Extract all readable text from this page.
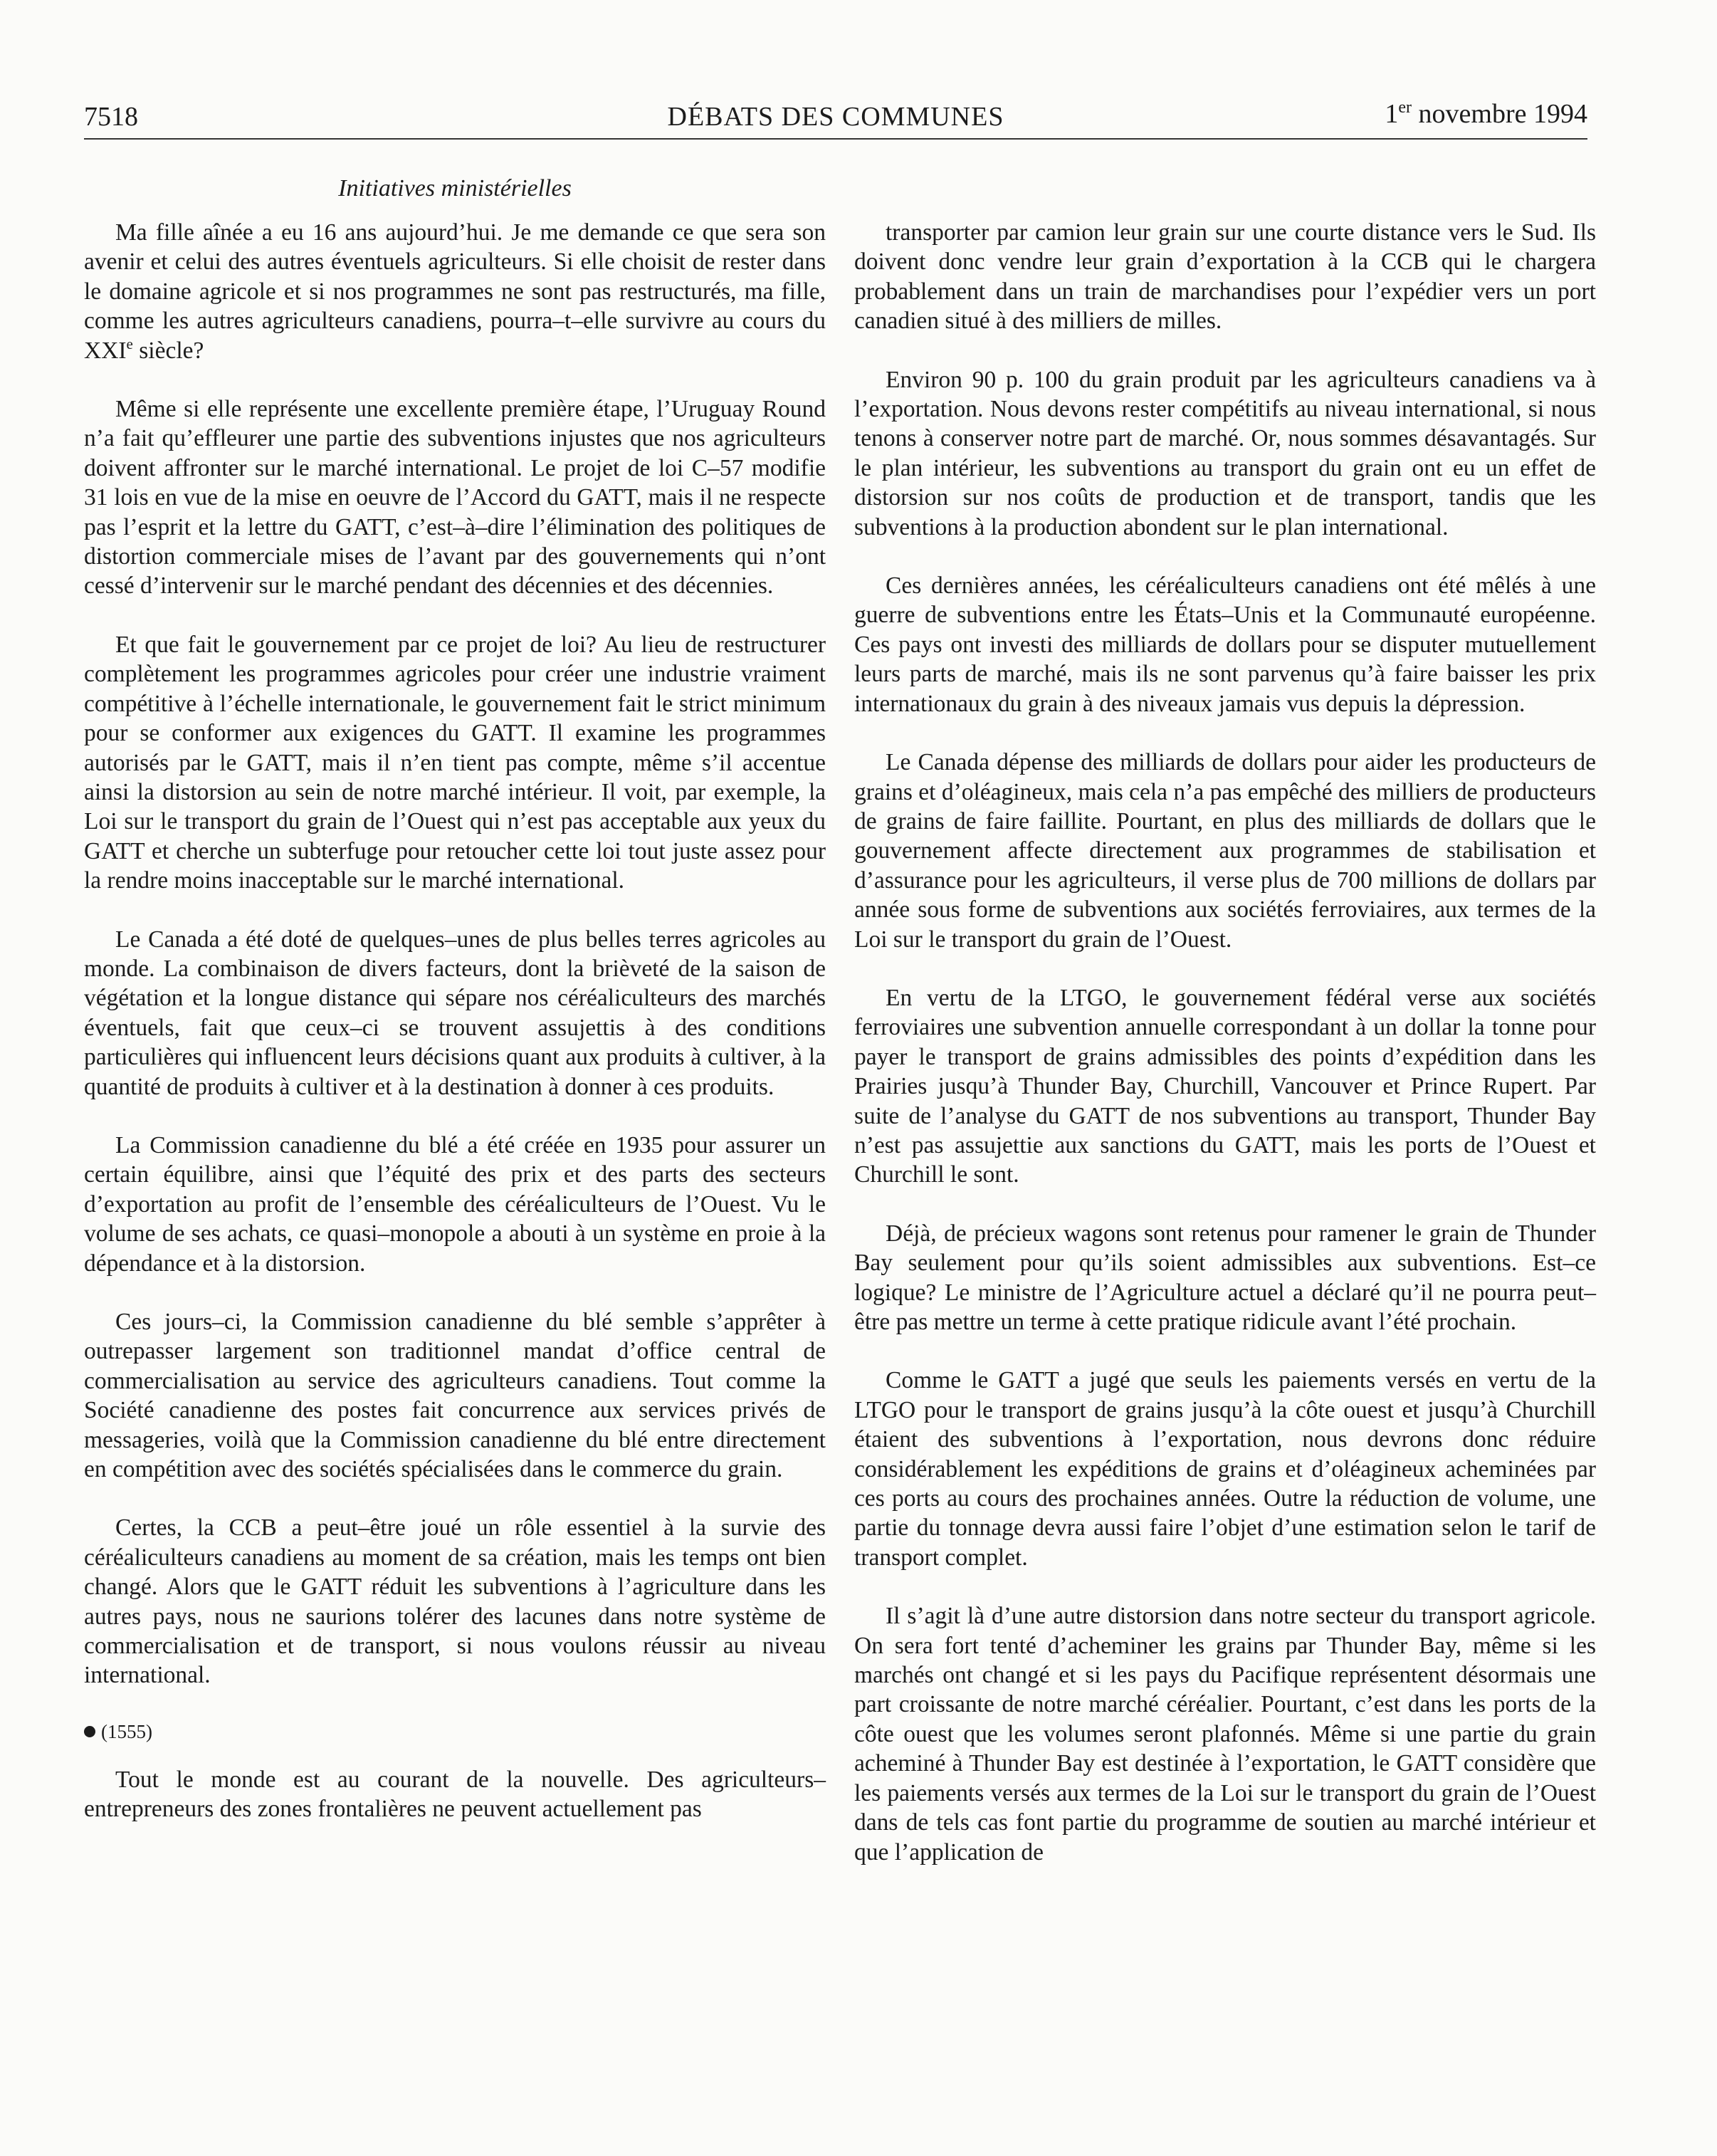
7518	DÉBATS DES COMMUNES	1er novembre 1994
Initiatives ministérielles

Ma fille aînée a eu 16 ans aujourd’hui. Je me demande ce que sera son avenir et celui des autres éventuels agriculteurs. Si elle choisit de rester dans le domaine agricole et si nos programmes ne sont pas restructurés, ma fille, comme les autres agriculteurs canadiens, pourra–t–elle survivre au cours du XXIe siècle?

Même si elle représente une excellente première étape, l’Uruguay Round n’a fait qu’effleurer une partie des subventions injustes que nos agriculteurs doivent affronter sur le marché international. Le projet de loi C–57 modifie 31 lois en vue de la mise en oeuvre de l’Accord du GATT, mais il ne respecte pas l’esprit et la lettre du GATT, c’est–à–dire l’élimination des politiques de distortion commerciale mises de l’avant par des gouvernements qui n’ont cessé d’intervenir sur le marché pendant des décennies et des décennies.

Et que fait le gouvernement par ce projet de loi? Au lieu de restructurer complètement les programmes agricoles pour créer une industrie vraiment compétitive à l’échelle internationale, le gouvernement fait le strict minimum pour se conformer aux exigences du GATT. Il examine les programmes autorisés par le GATT, mais il n’en tient pas compte, même s’il accentue ainsi la distorsion au sein de notre marché intérieur. Il voit, par exemple, la Loi sur le transport du grain de l’Ouest qui n’est pas acceptable aux yeux du GATT et cherche un subterfuge pour retoucher cette loi tout juste assez pour la rendre moins inacceptable sur le marché international.

Le Canada a été doté de quelques–unes de plus belles terres agricoles au monde. La combinaison de divers facteurs, dont la brièveté de la saison de végétation et la longue distance qui sépare nos céréaliculteurs des marchés éventuels, fait que ceux–ci se trouvent assujettis à des conditions particulières qui influencent leurs décisions quant aux produits à cultiver, à la quantité de produits à cultiver et à la destination à donner à ces produits.

La Commission canadienne du blé a été créée en 1935 pour assurer un certain équilibre, ainsi que l’équité des prix et des parts des secteurs d’exportation au profit de l’ensemble des céréaliculteurs de l’Ouest. Vu le volume de ses achats, ce quasi–monopole a abouti à un système en proie à la dépendance et à la distorsion.

Ces jours–ci, la Commission canadienne du blé semble s’apprêter à outrepasser largement son traditionnel mandat d’office central de commercialisation au service des agriculteurs canadiens. Tout comme la Société canadienne des postes fait concurrence aux services privés de messageries, voilà que la Commission canadienne du blé entre directement en compétition avec des sociétés spécialisées dans le commerce du grain.

Certes, la CCB a peut–être joué un rôle essentiel à la survie des céréaliculteurs canadiens au moment de sa création, mais les temps ont bien changé. Alors que le GATT réduit les subventions à l’agriculture dans les autres pays, nous ne saurions tolérer des lacunes dans notre système de commercialisation et de transport, si nous voulons réussir au niveau international.

(1555)

Tout le monde est au courant de la nouvelle. Des agriculteurs–entrepreneurs des zones frontalières ne peuvent actuellement pas

transporter par camion leur grain sur une courte distance vers le Sud. Ils doivent donc vendre leur grain d’exportation à la CCB qui le chargera probablement dans un train de marchandises pour l’expédier vers un port canadien situé à des milliers de milles.

Environ 90 p. 100 du grain produit par les agriculteurs canadiens va à l’exportation. Nous devons rester compétitifs au niveau international, si nous tenons à conserver notre part de marché. Or, nous sommes désavantagés. Sur le plan intérieur, les subventions au transport du grain ont eu un effet de distorsion sur nos coûts de production et de transport, tandis que les subventions à la production abondent sur le plan international.

Ces dernières années, les céréaliculteurs canadiens ont été mêlés à une guerre de subventions entre les États–Unis et la Communauté européenne. Ces pays ont investi des milliards de dollars pour se disputer mutuellement leurs parts de marché, mais ils ne sont parvenus qu’à faire baisser les prix internationaux du grain à des niveaux jamais vus depuis la dépression.

Le Canada dépense des milliards de dollars pour aider les producteurs de grains et d’oléagineux, mais cela n’a pas empêché des milliers de producteurs de grains de faire faillite. Pourtant, en plus des milliards de dollars que le gouvernement affecte directement aux programmes de stabilisation et d’assurance pour les agriculteurs, il verse plus de 700 millions de dollars par année sous forme de subventions aux sociétés ferroviaires, aux termes de la Loi sur le transport du grain de l’Ouest.

En vertu de la LTGO, le gouvernement fédéral verse aux sociétés ferroviaires une subvention annuelle correspondant à un dollar la tonne pour payer le transport de grains admissibles des points d’expédition dans les Prairies jusqu’à Thunder Bay, Churchill, Vancouver et Prince Rupert. Par suite de l’analyse du GATT de nos subventions au transport, Thunder Bay n’est pas assujettie aux sanctions du GATT, mais les ports de l’Ouest et Churchill le sont.

Déjà, de précieux wagons sont retenus pour ramener le grain de Thunder Bay seulement pour qu’ils soient admissibles aux subventions. Est–ce logique? Le ministre de l’Agriculture actuel a déclaré qu’il ne pourra peut–être pas mettre un terme à cette pratique ridicule avant l’été prochain.

Comme le GATT a jugé que seuls les paiements versés en vertu de la LTGO pour le transport de grains jusqu’à la côte ouest et jusqu’à Churchill étaient des subventions à l’exportation, nous devrons donc réduire considérablement les expéditions de grains et d’oléagineux acheminées par ces ports au cours des prochaines années. Outre la réduction de volume, une partie du tonnage devra aussi faire l’objet d’une estimation selon le tarif de transport complet.

Il s’agit là d’une autre distorsion dans notre secteur du transport agricole. On sera fort tenté d’acheminer les grains par Thunder Bay, même si les marchés ont changé et si les pays du Pacifique représentent désormais une part croissante de notre marché céréalier. Pourtant, c’est dans les ports de la côte ouest que les volumes seront plafonnés. Même si une partie du grain acheminé à Thunder Bay est destinée à l’exportation, le GATT considère que les paiements versés aux termes de la Loi sur le transport du grain de l’Ouest dans de tels cas font partie du programme de soutien au marché intérieur et que l’application de
